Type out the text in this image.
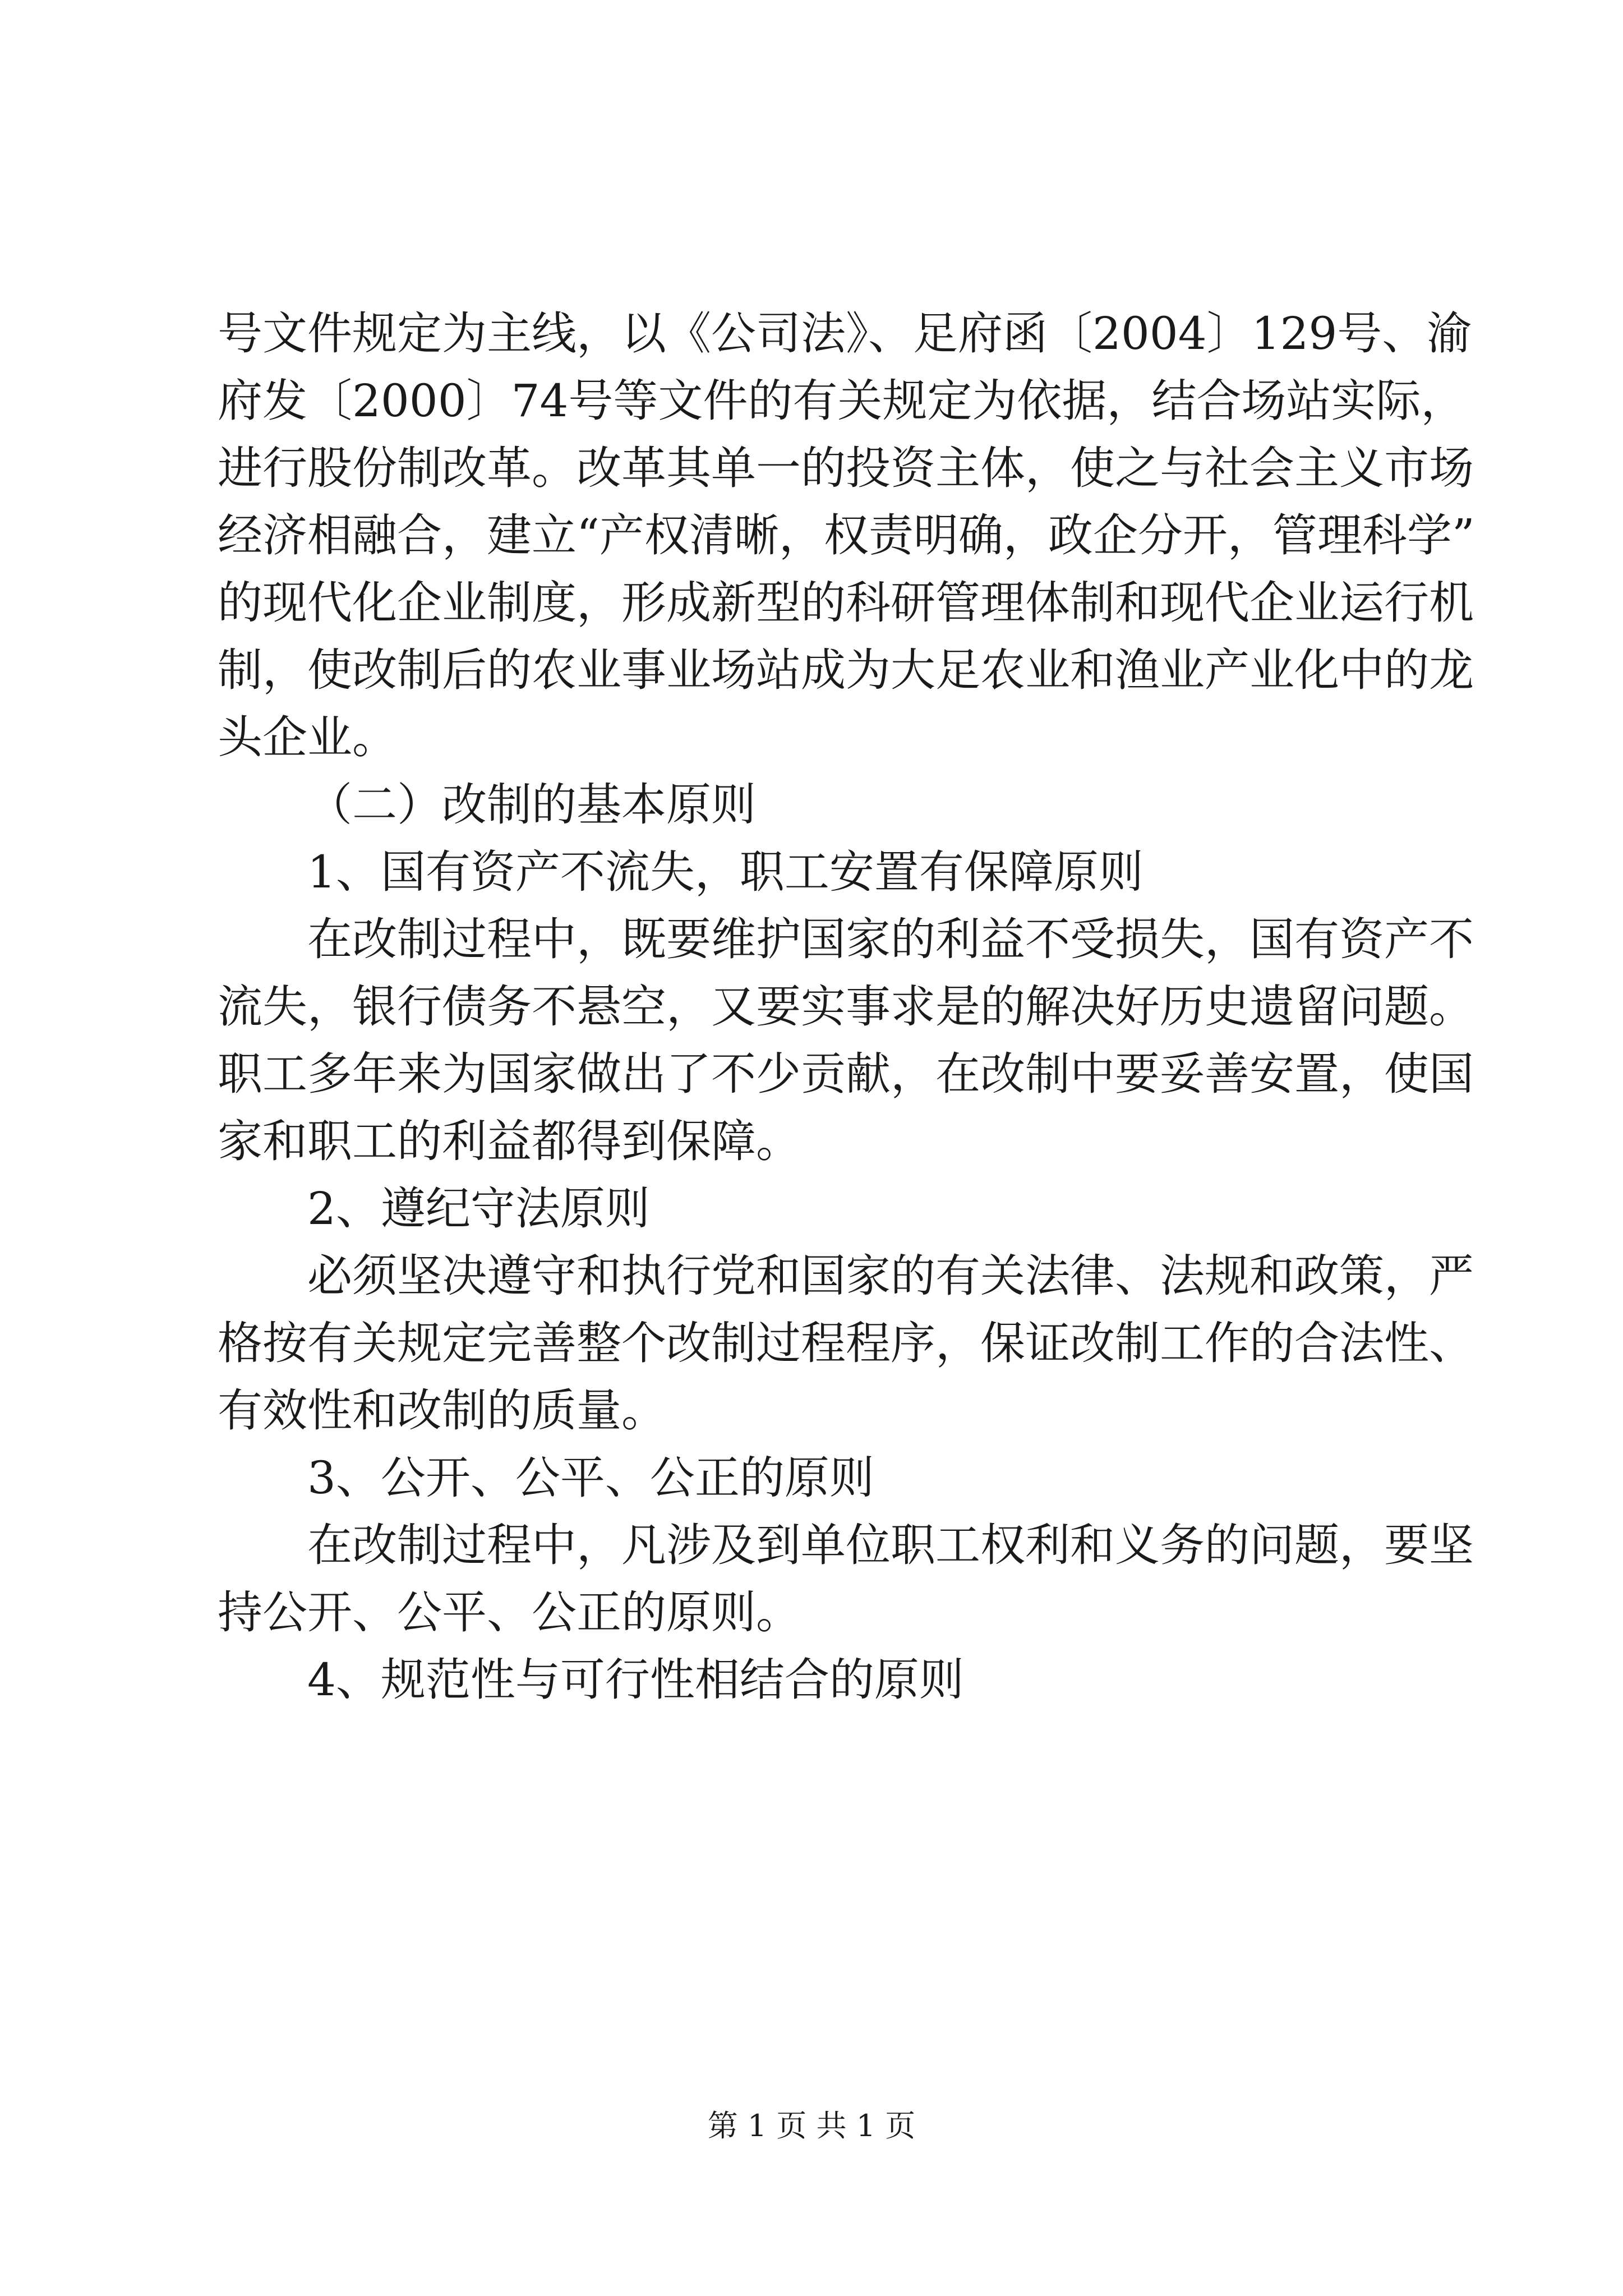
号文件规定为主线，以《公司法》、足府函〔2004〕129号、渝
府发〔2000〕74号等文件的有关规定为依据，结合场站实际，
进行股份制改革。改革其单一的投资主体，使之与社会主义市场
经济相融合，建立“产权清晰，权责明确，政企分开，管理科学”
的现代化企业制度，形成新型的科研管理体制和现代企业运行机
制，使改制后的农业事业场站成为大足农业和渔业产业化中的龙
头企业。
（二）改制的基本原则
1、国有资产不流失，职工安置有保障原则
在改制过程中，既要维护国家的利益不受损失，国有资产不
流失，银行债务不悬空，又要实事求是的解决好历史遗留问题。
职工多年来为国家做出了不少贡献，在改制中要妥善安置，使国
家和职工的利益都得到保障。
2、遵纪守法原则
必须坚决遵守和执行党和国家的有关法律、法规和政策，严
格按有关规定完善整个改制过程程序，保证改制工作的合法性、
有效性和改制的质量。
3、公开、公平、公正的原则
在改制过程中，凡涉及到单位职工权利和义务的问题，要坚
持公开、公平、公正的原则。
4、规范性与可行性相结合的原则
第 1 页 共 1 页
